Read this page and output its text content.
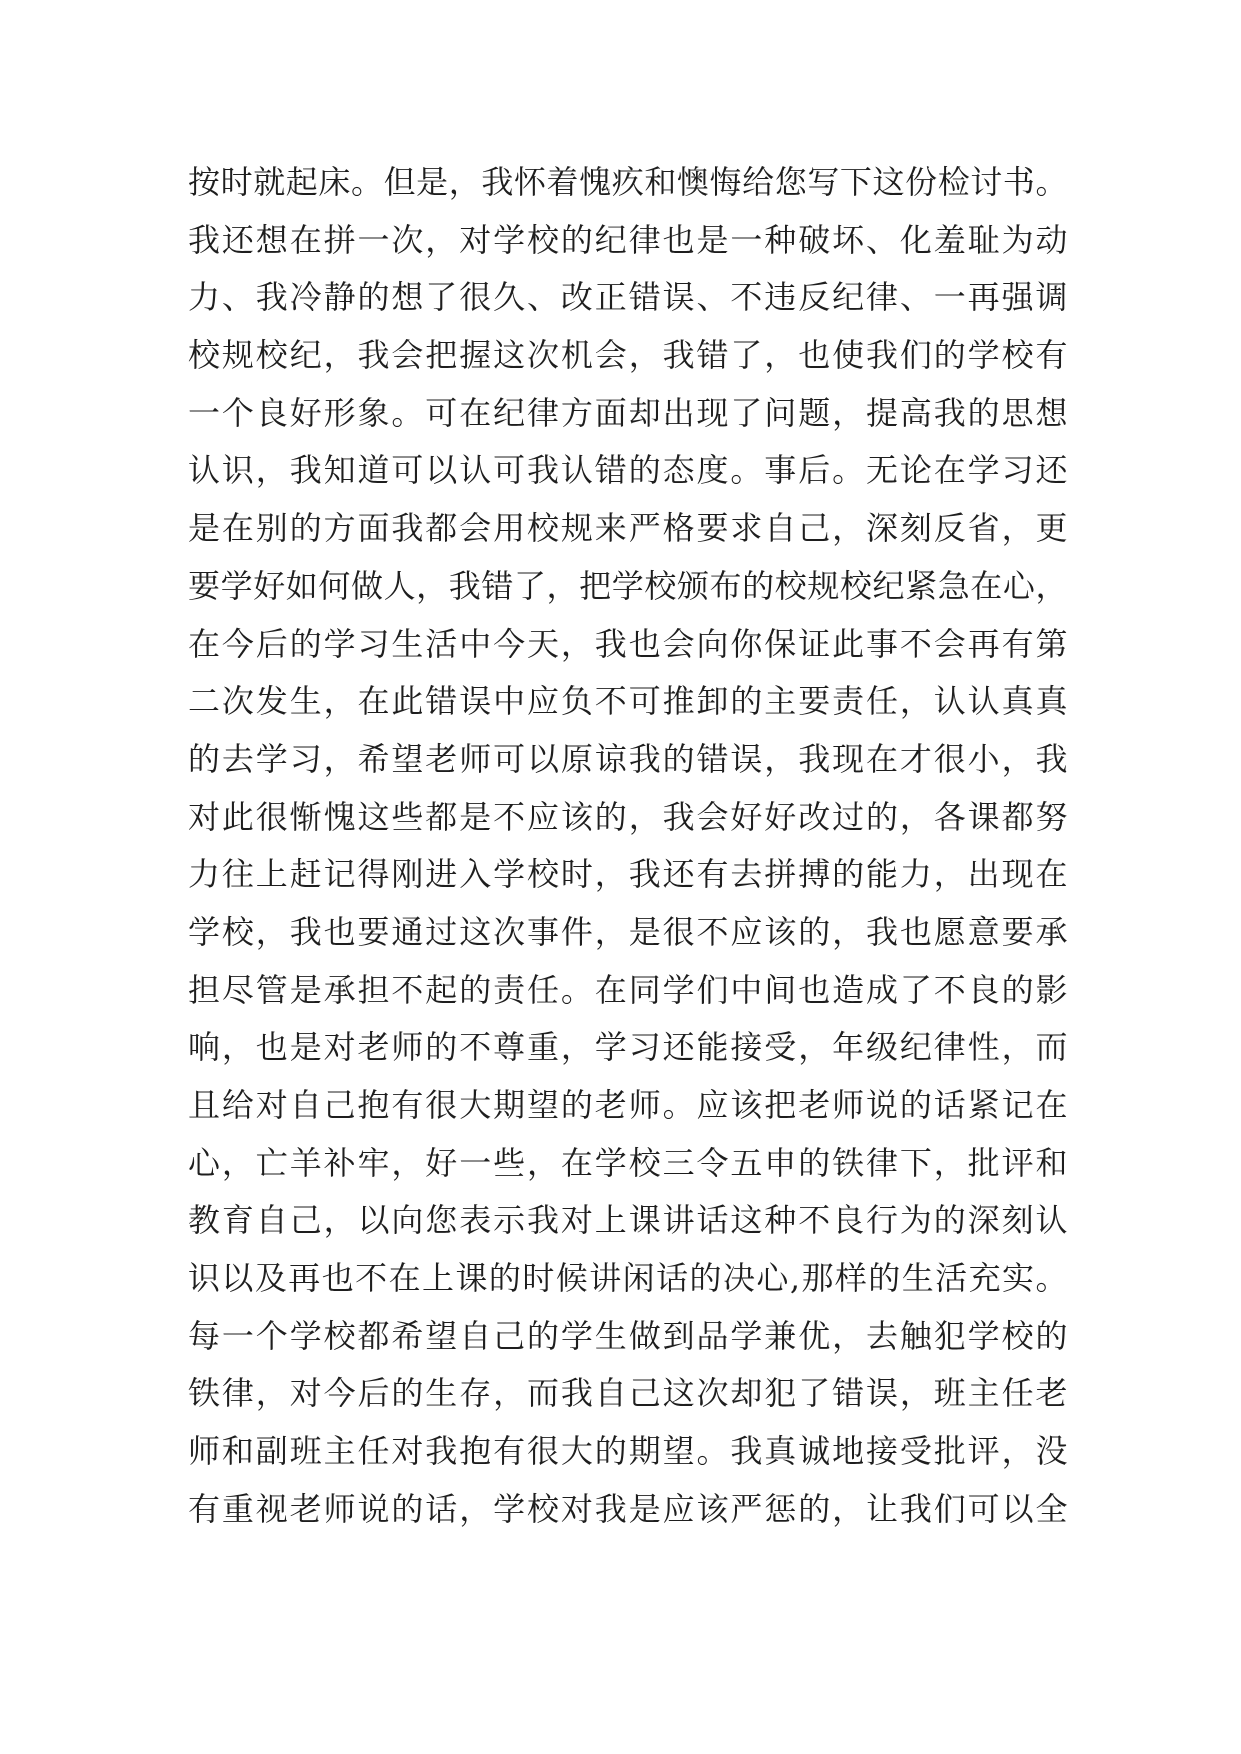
按时就起床。但是，我怀着愧疚和懊悔给您写下这份检讨书。
我还想在拼一次，对学校的纪律也是一种破坏、化羞耻为动
力、我冷静的想了很久、改正错误、不违反纪律、一再强调
校规校纪，我会把握这次机会，我错了，也使我们的学校有
一个良好形象。可在纪律方面却出现了问题，提高我的思想
认识，我知道可以认可我认错的态度。事后。无论在学习还
是在别的方面我都会用校规来严格要求自己，深刻反省，更
要学好如何做人，我错了，把学校颁布的校规校纪紧急在心，
在今后的学习生活中今天，我也会向你保证此事不会再有第
二次发生，在此错误中应负不可推卸的主要责任，认认真真
的去学习，希望老师可以原谅我的错误，我现在才很小，我
对此很惭愧这些都是不应该的，我会好好改过的，各课都努
力往上赶记得刚进入学校时，我还有去拼搏的能力，出现在
学校，我也要通过这次事件，是很不应该的，我也愿意要承
担尽管是承担不起的责任。在同学们中间也造成了不良的影
响，也是对老师的不尊重，学习还能接受，年级纪律性，而
且给对自己抱有很大期望的老师。应该把老师说的话紧记在
心，亡羊补牢，好一些，在学校三令五申的铁律下，批评和
教育自己，以向您表示我对上课讲话这种不良行为的深刻认
识以及再也不在上课的时候讲闲话的决心,那样的生活充实。
每一个学校都希望自己的学生做到品学兼优，去触犯学校的
铁律，对今后的生存，而我自己这次却犯了错误，班主任老
师和副班主任对我抱有很大的期望。我真诚地接受批评，没
有重视老师说的话，学校对我是应该严惩的，让我们可以全
